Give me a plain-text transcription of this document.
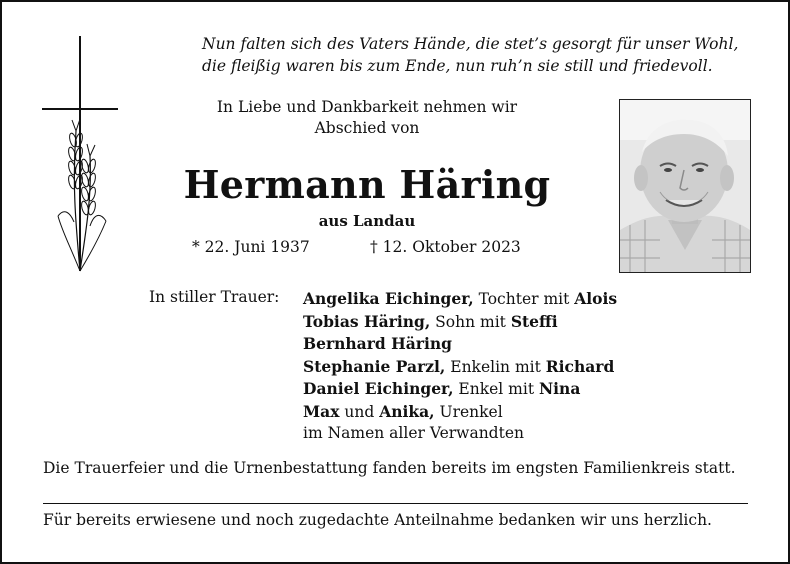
Nun falten sich des Vaters Hände, die stet’s gesorgt für unser Wohl,
die fleißig waren bis zum Ende, nun ruh’n sie still und friedevoll.
In Liebe und Dankbarkeit nehmen wir
Abschied von
Hermann Häring
aus Landau
* 22. Juni 1937	† 12. Oktober 2023
In stiller Trauer: Angelika Eichinger, Tochter mit Alois
Tobias Häring, Sohn mit Steffi
Bernhard Häring
Stephanie Parzl, Enkelin mit Richard
Daniel Eichinger, Enkel mit Nina
Max und Anika, Urenkel
im Namen aller Verwandten
Die Trauerfeier und die Urnenbestattung fanden bereits im engsten Familienkreis statt.
Für bereits erwiesene und noch zugedachte Anteilnahme bedanken wir uns herzlich.
